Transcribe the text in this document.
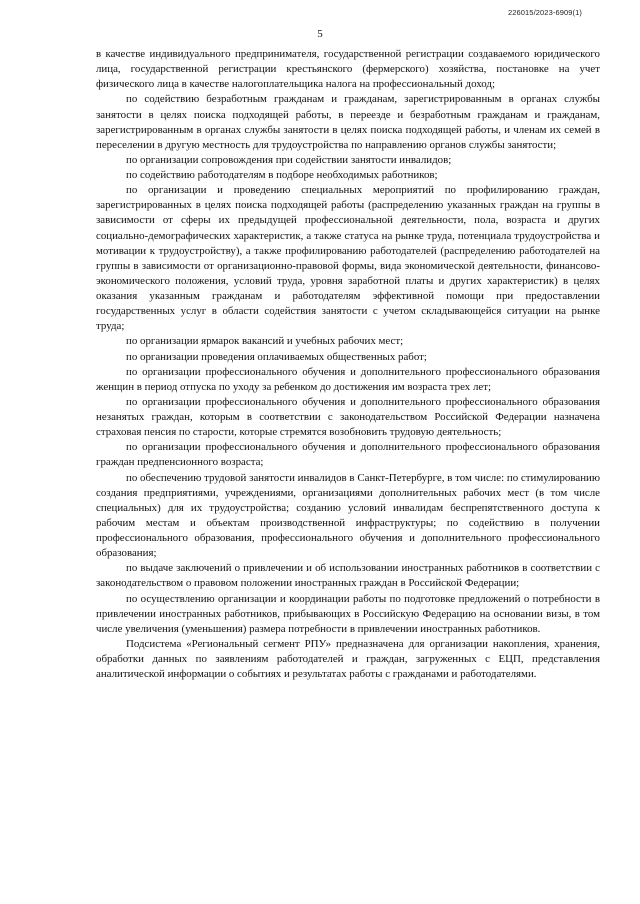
226015/2023-6909(1)
5

в качестве индивидуального предпринимателя, государственной регистрации создаваемого юридического лица, государственной регистрации крестьянского (фермерского) хозяйства, постановке на учет физического лица в качестве налогоплательщика налога на профессиональный доход;

по содействию безработным гражданам и гражданам, зарегистрированным в органах службы занятости в целях поиска подходящей работы, в переезде и безработным гражданам и гражданам, зарегистрированным в органах службы занятости в целях поиска подходящей работы, и членам их семей в переселении в другую местность для трудоустройства по направлению органов службы занятости;

по организации сопровождения при содействии занятости инвалидов;

по содействию работодателям в подборе необходимых работников;

по организации и проведению специальных мероприятий по профилированию граждан, зарегистрированных в целях поиска подходящей работы (распределению указанных граждан на группы в зависимости от сферы их предыдущей профессиональной деятельности, пола, возраста и других социально-демографических характеристик, а также статуса на рынке труда, потенциала трудоустройства и мотивации к трудоустройству), а также профилированию работодателей (распределению работодателей на группы в зависимости от организационно-правовой формы, вида экономической деятельности, финансово-экономического положения, условий труда, уровня заработной платы и других характеристик) в целях оказания указанным гражданам и работодателям эффективной помощи при предоставлении государственных услуг в области содействия занятости с учетом складывающейся ситуации на рынке труда;

по организации ярмарок вакансий и учебных рабочих мест;

по организации проведения оплачиваемых общественных работ;

по организации профессионального обучения и дополнительного профессионального образования женщин в период отпуска по уходу за ребенком до достижения им возраста трех лет;

по организации профессионального обучения и дополнительного профессионального образования незанятых граждан, которым в соответствии с законодательством Российской Федерации назначена страховая пенсия по старости, которые стремятся возобновить трудовую деятельность;

по организации профессионального обучения и дополнительного профессионального образования граждан предпенсионного возраста;

по обеспечению трудовой занятости инвалидов в Санкт-Петербурге, в том числе: по стимулированию создания предприятиями, учреждениями, организациями дополнительных рабочих мест (в том числе специальных) для их трудоустройства; созданию условий инвалидам беспрепятственного доступа к рабочим местам и объектам производственной инфраструктуры; по содействию в получении профессионального образования, профессионального обучения и дополнительного профессионального образования;

по выдаче заключений о привлечении и об использовании иностранных работников в соответствии с законодательством о правовом положении иностранных граждан в Российской Федерации;

по осуществлению организации и координации работы по подготовке предложений о потребности в привлечении иностранных работников, прибывающих в Российскую Федерацию на основании визы, в том числе увеличения (уменьшения) размера потребности в привлечении иностранных работников.

Подсистема «Региональный сегмент РПУ» предназначена для организации накопления, хранения, обработки данных по заявлениям работодателей и граждан, загруженных с ЕЦП, представления аналитической информации о событиях и результатах работы с гражданами и работодателями.
